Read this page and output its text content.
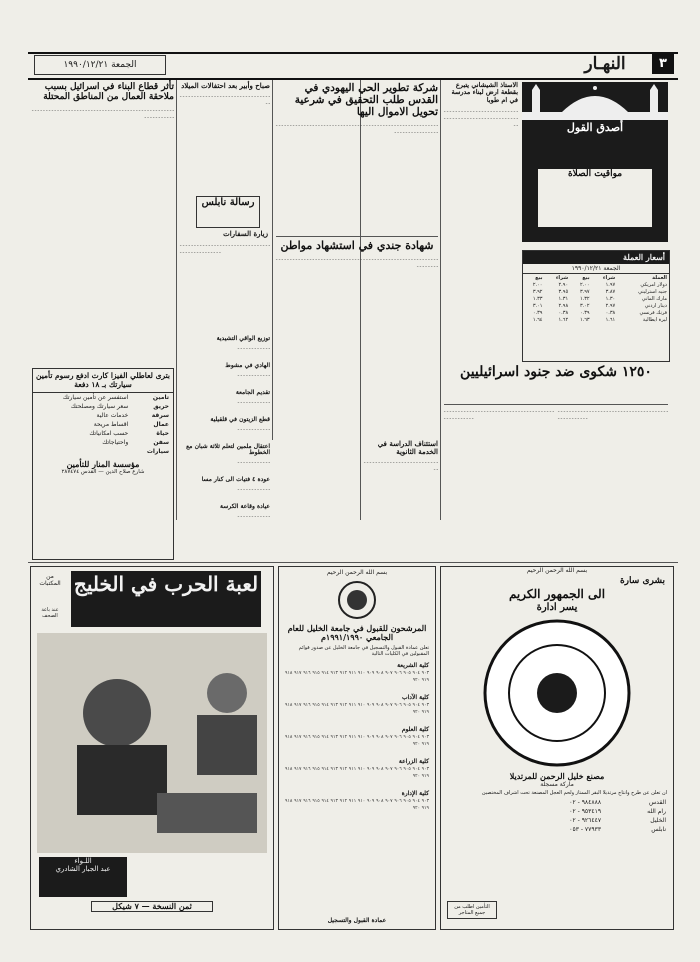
الجمعة ١٩٩٠/١٢/٢١	النهـار	٣
أصدق القول
مواقيت الصلاة
الاستاذ الشيشاني يتبرع بقطعة ارض لبناء مدرسة في ام طوبا
ـ ـ ـ ـ ـ ـ ـ ـ ـ ـ ـ ـ ـ ـ ـ ـ ـ ـ ـ ـ ـ ـ ـ ـ ـ ـ ـ ـ ـ ـ ـ ـ ـ ـ ـ ـ ـ ـ ـ ـ ـ ـ ـ ـ ـ ـ ـ ـ ـ ـ ـ ـ ـ ـ
أسعار العملة
الجمعة ١٩٩٠/١٢/٢١
العملة	شراء	بيع	شراء	بيع
دولار امريكي	١.٩٧	٢.٠٠	٢.٩٠	٢.٠٠
جنيه استرليني	٣.٨٧	٣.٩٧	٣.٩٥	٣.٩٢
مارك الماني	١.٣٠	١.٣٢	١.٣١	١.٣٣
دينار اردني	٢.٩٧	٣.٠٢	٢.٩٨	٣.٠١
فرنك فرنسي	٠.٣٨	٠.٣٩	٠.٣٨	٠.٣٩
ليرة ايطالية	١.٦١	١.٦٣	١.٦٢	١.٦٤
١٢٥٠ شكوى ضد جنود اسرائيليين
ـ ـ ـ ـ ـ ـ ـ ـ ـ ـ ـ ـ ـ ـ ـ ـ ـ ـ ـ ـ ـ ـ ـ ـ ـ ـ ـ ـ ـ ـ ـ ـ ـ ـ ـ ـ ـ ـ ـ ـ ـ ـ ـ ـ ـ ـ ـ ـ ـ ـ
ـ ـ ـ ـ ـ ـ ـ ـ ـ ـ ـ ـ ـ ـ ـ ـ ـ ـ ـ ـ ـ ـ ـ ـ ـ ـ ـ ـ ـ ـ ـ ـ ـ ـ ـ ـ ـ ـ ـ ـ ـ ـ ـ ـ ـ ـ ـ ـ ـ ـ
شركة تطوير الحي اليهودي في القدس طلب التحقيق في شرعية تحويل الاموال اليها
ـ ـ ـ ـ ـ ـ ـ ـ ـ ـ ـ ـ ـ ـ ـ ـ ـ ـ ـ ـ ـ ـ ـ ـ ـ ـ ـ ـ ـ ـ ـ ـ ـ ـ ـ ـ ـ ـ ـ ـ ـ ـ ـ ـ ـ ـ ـ ـ ـ ـ ـ ـ ـ ـ ـ ـ ـ ـ ـ ـ ـ ـ ـ ـ ـ ـ ـ ـ ـ ـ ـ ـ ـ ـ
شهادة جندي في استشهاد مواطن
ـ ـ ـ ـ ـ ـ ـ ـ ـ ـ ـ ـ ـ ـ ـ ـ ـ ـ ـ ـ ـ ـ ـ ـ ـ ـ ـ ـ ـ ـ ـ ـ ـ ـ ـ ـ ـ ـ ـ ـ ـ ـ ـ ـ ـ ـ ـ ـ ـ ـ ـ ـ ـ ـ ـ ـ ـ ـ ـ ـ ـ ـ ـ ـ ـ ـ
استئناف الدراسة في الخدمة الثانوية
ـ ـ ـ ـ ـ ـ ـ ـ ـ ـ ـ ـ ـ ـ ـ ـ ـ ـ ـ ـ ـ ـ ـ ـ ـ ـ ـ ـ
تأثر قطاع البناء في اسرائيل بسبب ملاحقة العمال من المناطق المحتلة
ـ ـ ـ ـ ـ ـ ـ ـ ـ ـ ـ ـ ـ ـ ـ ـ ـ ـ ـ ـ ـ ـ ـ ـ ـ ـ ـ ـ ـ ـ ـ ـ ـ ـ ـ ـ ـ ـ ـ ـ ـ ـ ـ ـ ـ ـ ـ ـ ـ ـ ـ ـ ـ ـ ـ ـ ـ ـ ـ ـ ـ ـ
صباح وأبير بعد احتفالات الميلاد
ـ ـ ـ ـ ـ ـ ـ ـ ـ ـ ـ ـ ـ ـ ـ ـ ـ ـ ـ ـ ـ ـ ـ ـ ـ ـ ـ ـ ـ ـ ـ ـ ـ ـ
رسالة نابلس
زيارة السفارات
ـ ـ ـ ـ ـ ـ ـ ـ ـ ـ ـ ـ ـ ـ ـ ـ ـ ـ ـ ـ ـ ـ ـ ـ ـ ـ ـ ـ ـ ـ ـ ـ ـ ـ ـ ـ ـ ـ ـ ـ ـ ـ ـ ـ ـ ـ ـ
توزيع الواقي التشيدية
ـ ـ ـ ـ ـ ـ ـ ـ ـ ـ ـ ـ
الهادي في مشوط
ـ ـ ـ ـ ـ ـ ـ ـ ـ ـ ـ ـ
تقديم الجامعة
ـ ـ ـ ـ ـ ـ ـ ـ ـ ـ ـ ـ
قطع الزيتون في قلقيلية
ـ ـ ـ ـ ـ ـ ـ ـ ـ ـ ـ ـ
اعتقال ملمين لتعلم ثلاثة شبان مع الخطوط
ـ ـ ـ ـ ـ ـ ـ ـ ـ ـ ـ ـ
عودة ٤ فتيات الى كنار مسا
ـ ـ ـ ـ ـ ـ ـ ـ ـ ـ ـ ـ
عيادة وقاعة الكرسة
ـ ـ ـ ـ ـ ـ ـ ـ ـ ـ ـ ـ
بترى لعاطلي الفيزا كارت ادفع رسوم تأمين سيارتك بـ ١٨ دفعة
تامين	استفسر عن تأمين سيارتك
حريق	سعر سيارتك ومصلحتك
سرقة	خدمات عالية
عمال	اقساط مريحة
حياة	حسب امكانياتك
سفن	واحتياجاتك
سيارات	
مؤسسة المنار للتأمين
شارع صلاح الدين — القدس ٢٨٧٤٧٤
لعبة الحرب في الخليج
من المكتبات
عند باعة الصحف
اللـواء
عبد الجبار الشادري
ثمن النسخة — ٧ شيكل
بسم الله الرحمن الرحيم
المرشحون للقبول في جامعة الخليل للعام الجامعي ١٩٩١/١٩٩٠م
تعلن عمادة القبول والتسجيل في جامعة الخليل عن صدور قوائم المقبولين في الكليات التالية
كلية الشريعة
٩٠٣ ٩٠٤ ٩٠٥ ٩٠٦ ٩٠٧ ٩٠٨ ٩٠٩ ٩١٠ ٩١١ ٩١٢ ٩١٣ ٩١٤ ٩١٥ ٩١٦ ٩١٧ ٩١٨ ٩١٩ ٩٢٠
كلية الآداب
٩٠٣ ٩٠٤ ٩٠٥ ٩٠٦ ٩٠٧ ٩٠٨ ٩٠٩ ٩١٠ ٩١١ ٩١٢ ٩١٣ ٩١٤ ٩١٥ ٩١٦ ٩١٧ ٩١٨ ٩١٩ ٩٢٠
كلية العلوم
٩٠٣ ٩٠٤ ٩٠٥ ٩٠٦ ٩٠٧ ٩٠٨ ٩٠٩ ٩١٠ ٩١١ ٩١٢ ٩١٣ ٩١٤ ٩١٥ ٩١٦ ٩١٧ ٩١٨ ٩١٩ ٩٢٠
كلية الزراعة
٩٠٣ ٩٠٤ ٩٠٥ ٩٠٦ ٩٠٧ ٩٠٨ ٩٠٩ ٩١٠ ٩١١ ٩١٢ ٩١٣ ٩١٤ ٩١٥ ٩١٦ ٩١٧ ٩١٨ ٩١٩ ٩٢٠
كلية الإدارة
٩٠٣ ٩٠٤ ٩٠٥ ٩٠٦ ٩٠٧ ٩٠٨ ٩٠٩ ٩١٠ ٩١١ ٩١٢ ٩١٣ ٩١٤ ٩١٥ ٩١٦ ٩١٧ ٩١٨ ٩١٩ ٩٢٠
عمادة القبول والتسجيل
بسم الله الرحمن الرحيم
بشرى سارة
الى الجمهور الكريم
يسر ادارة
مصنع خليل الرحمن للمرتديلا
ماركة مسجلة
ان تعلن عن طرح وانتاج مرتديلا البقر الممتاز ولحم العجل المصنعة تحت اشراف المختصين
القدس	٩٨٤٨٨٨ - ٠٢
رام الله	٩٥٣٤١٩ - ٠٢
الخليل	٩٢٦٤٤٧ - ٠٢
نابلس	٧٧٩٣٣ - ٠٥٣
التأمين اطلب من جميع المتاجر
